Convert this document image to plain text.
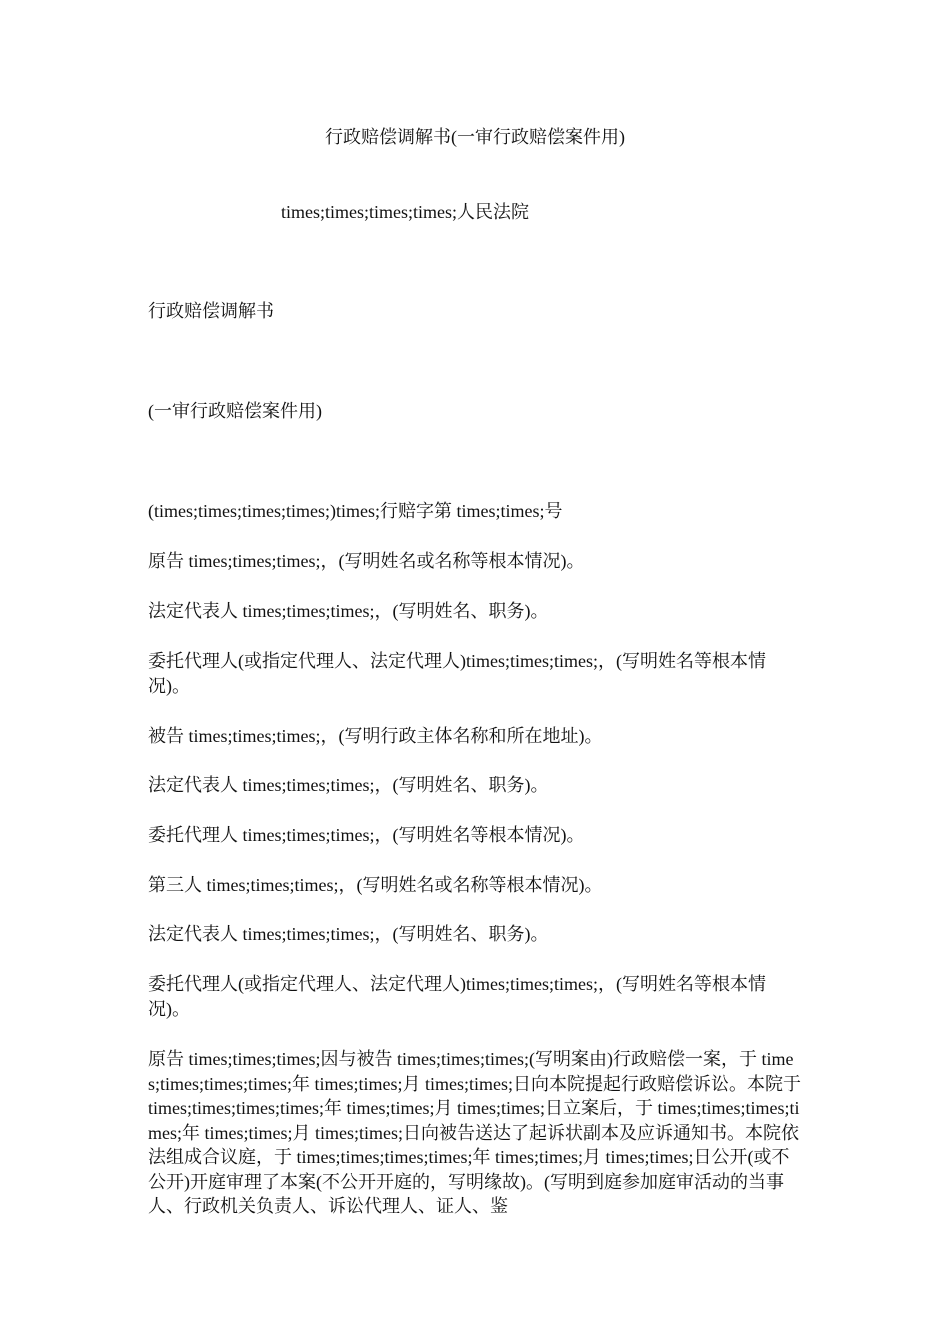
行政赔偿调解书(一审行政赔偿案件用)
times;times;times;times;人民法院
行政赔偿调解书
(一审行政赔偿案件用)
(times;times;times;times;)times;行赔字第 times;times;号
原告 times;times;times;，(写明姓名或名称等根本情况)。
法定代表人 times;times;times;，(写明姓名、职务)。
委托代理人(或指定代理人、法定代理人)times;times;times;，(写明姓名等根本情况)。
被告 times;times;times;，(写明行政主体名称和所在地址)。
法定代表人 times;times;times;，(写明姓名、职务)。
委托代理人 times;times;times;，(写明姓名等根本情况)。
第三人 times;times;times;，(写明姓名或名称等根本情况)。
法定代表人 times;times;times;，(写明姓名、职务)。
委托代理人(或指定代理人、法定代理人)times;times;times;，(写明姓名等根本情况)。
原告 times;times;times;因与被告 times;times;times;(写明案由)行政赔偿一案，于 times;times;times;times;年 times;times;月 times;times;日向本院提起行政赔偿诉讼。本院于 times;times;times;times;年 times;times;月 times;times;日立案后，于 times;times;times;times;年 times;times;月 times;times;日向被告送达了起诉状副本及应诉通知书。本院依法组成合议庭，于 times;times;times;times;年 times;times;月 times;times;日公开(或不公开)开庭审理了本案(不公开开庭的，写明缘故)。(写明到庭参加庭审活动的当事人、行政机关负责人、诉讼代理人、证人、鉴
